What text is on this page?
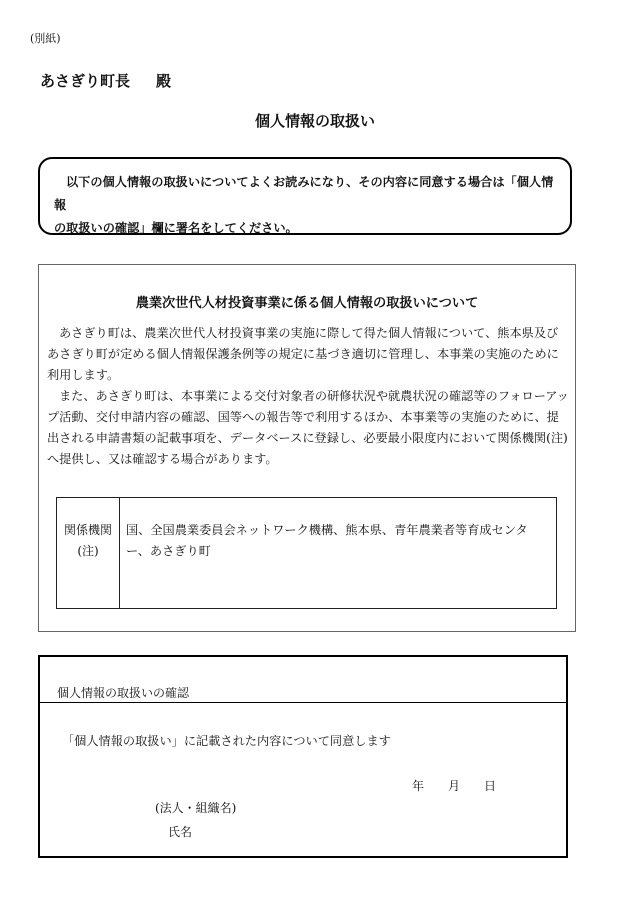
(別紙)
あさぎり町長 殿
個人情報の取扱い
以下の個人情報の取扱いについてよくお読みになり、その内容に同意する場合は「個人情報
の取扱いの確認」欄に署名をしてください。
農業次世代人材投資事業に係る個人情報の取扱いについて

あさぎり町は、農業次世代人材投資事業の実施に際して得た個人情報について、熊本県及びあさぎり町が定める個人情報保護条例等の規定に基づき適切に管理し、本事業の実施のために利用します。

また、あさぎり町は、本事業による交付対象者の研修状況や就農状況の確認等のフォローアップ活動、交付申請内容の確認、国等への報告等で利用するほか、本事業等の実施のために、提出される申請書類の記載事項を、データベースに登録し、必要最小限度内において関係機関(注)へ提供し、又は確認する場合があります。

関係機関
(注)
国、全国農業委員会ネットワーク機構、熊本県、青年農業者等育成センター、あさぎり町
個人情報の取扱いの確認
「個人情報の取扱い」に記載された内容について同意します
年 月 日
(法人・組織名)
氏名
